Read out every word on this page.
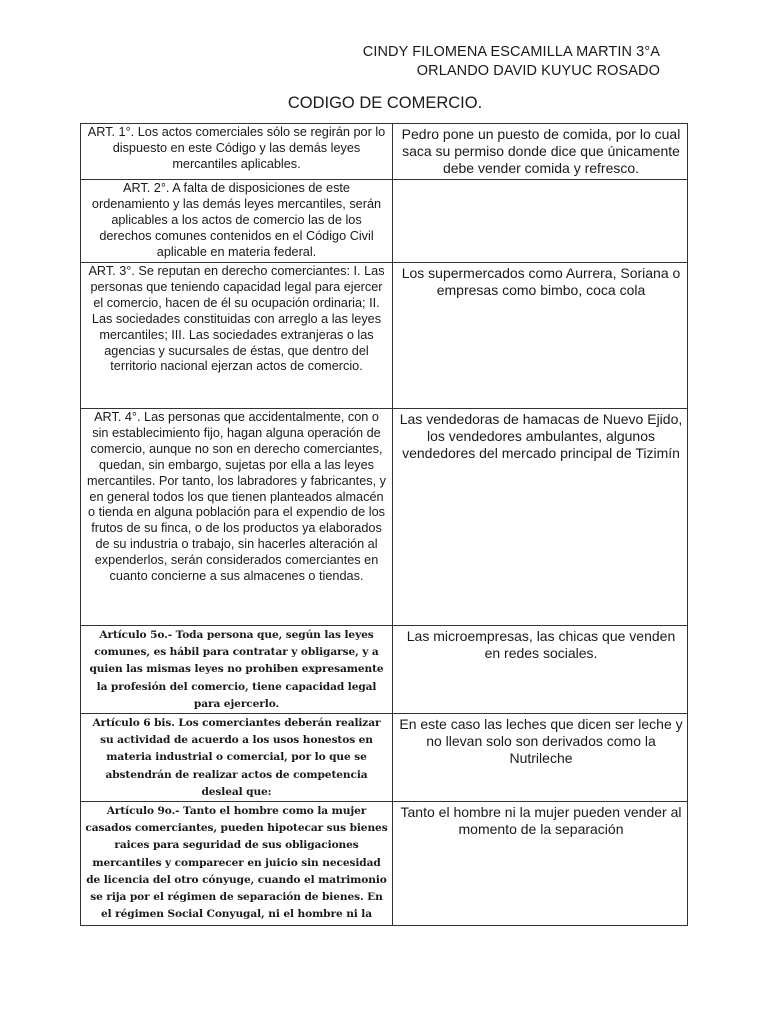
CINDY FILOMENA ESCAMILLA MARTIN 3°A
ORLANDO DAVID KUYUC ROSADO
CODIGO DE COMERCIO.
ART. 1°. Los actos comerciales sólo se regirán por lo dispuesto en este Código y las demás leyes mercantiles aplicables.	Pedro pone un puesto de comida, por lo cual saca su permiso donde dice que únicamente debe vender comida y refresco.
ART. 2°. A falta de disposiciones de este ordenamiento y las demás leyes mercantiles, serán aplicables a los actos de comercio las de los derechos comunes contenidos en el Código Civil aplicable en materia federal.	
ART. 3°. Se reputan en derecho comerciantes: I. Las personas que teniendo capacidad legal para ejercer el comercio, hacen de él su ocupación ordinaria; II. Las sociedades constituidas con arreglo a las leyes mercantiles; III. Las sociedades extranjeras o las agencias y sucursales de éstas, que dentro del territorio nacional ejerzan actos de comercio.	Los supermercados como Aurrera, Soriana o empresas como bimbo, coca cola
ART. 4°. Las personas que accidentalmente, con o sin establecimiento fijo, hagan alguna operación de comercio, aunque no son en derecho comerciantes, quedan, sin embargo, sujetas por ella a las leyes mercantiles. Por tanto, los labradores y fabricantes, y en general todos los que tienen planteados almacén o tienda en alguna población para el expendio de los frutos de su finca, o de los productos ya elaborados de su industria o trabajo, sin hacerles alteración al expenderlos, serán considerados comerciantes en cuanto concierne a sus almacenes o tiendas.	Las vendedoras de hamacas de Nuevo Ejido, los vendedores ambulantes, algunos vendedores del mercado principal de Tizimín
Artículo 5o.- Toda persona que, según las leyes comunes, es hábil para contratar y obligarse, y a quien las mismas leyes no prohiben expresamente la profesión del comercio, tiene capacidad legal para ejercerlo.	Las microempresas, las chicas que venden en redes sociales.
Artículo 6 bis. Los comerciantes deberán realizar su actividad de acuerdo a los usos honestos en materia industrial o comercial, por lo que se abstendrán de realizar actos de competencia desleal que:	En este caso las leches que dicen ser leche y no llevan solo son derivados como la Nutrileche
Artículo 9o.- Tanto el hombre como la mujer casados comerciantes, pueden hipotecar sus bienes raices para seguridad de sus obligaciones mercantiles y comparecer en juicio sin necesidad de licencia del otro cónyuge, cuando el matrimonio se rija por el régimen de separación de bienes. En el régimen Social Conyugal, ni el hombre ni la	Tanto el hombre ni la mujer pueden vender al momento de la separación
